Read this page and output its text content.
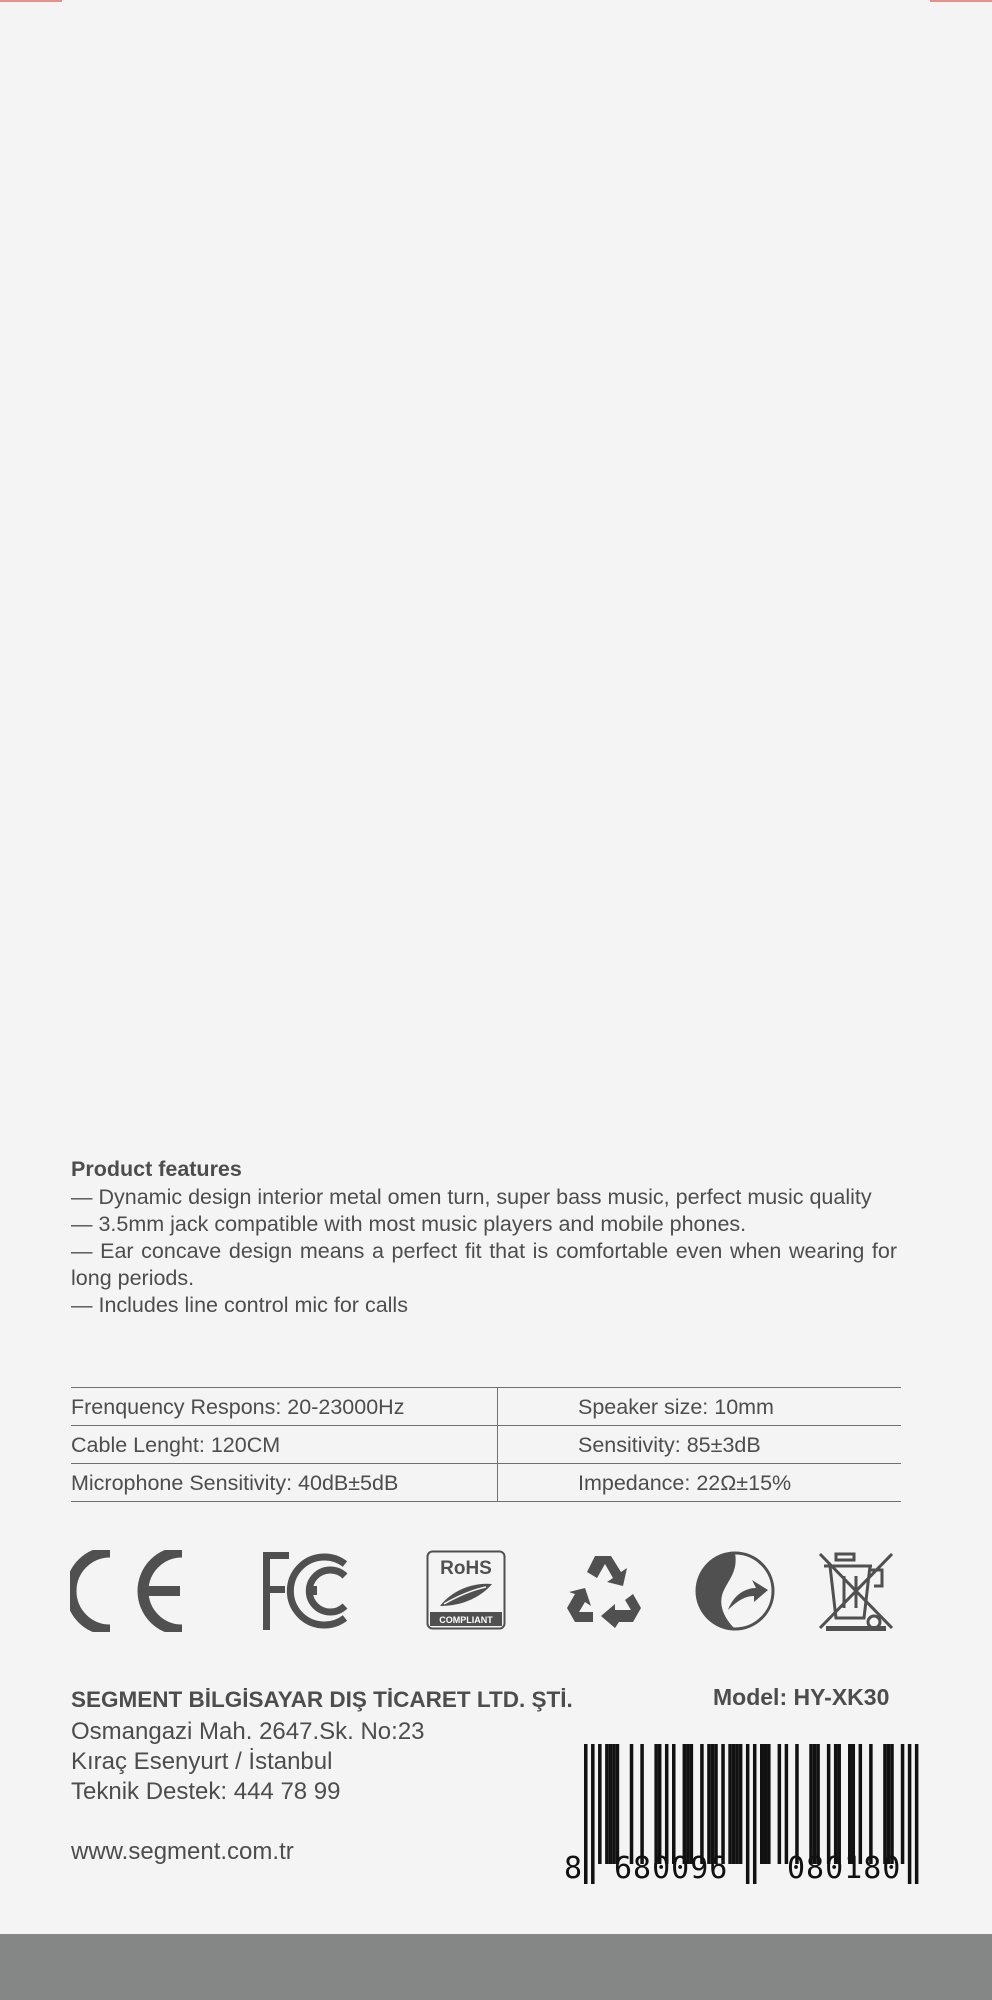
Product features
— Dynamic design interior metal omen turn, super bass music, perfect music quality
— 3.5mm jack compatible with most music players and mobile phones.
— Ear concave design means a perfect fit that is comfortable even when wearing for long periods.
— Includes line control mic for calls
Frenquency Respons: 20-23000Hz	Speaker size: 10mm
Cable Lenght: 120CM	Sensitivity: 85±3dB
Microphone Sensitivity: 40dB±5dB	Impedance: 22Ω±15%
RoHS
COMPLIANT
SEGMENT BİLGİSAYAR DIŞ TİCARET LTD. ŞTİ.	Model: HY-XK30
Osmangazi Mah. 2647.Sk. No:23
Kıraç Esenyurt / İstanbul
Teknik Destek: 444 78 99
www.segment.com.tr	8 680096 080180
